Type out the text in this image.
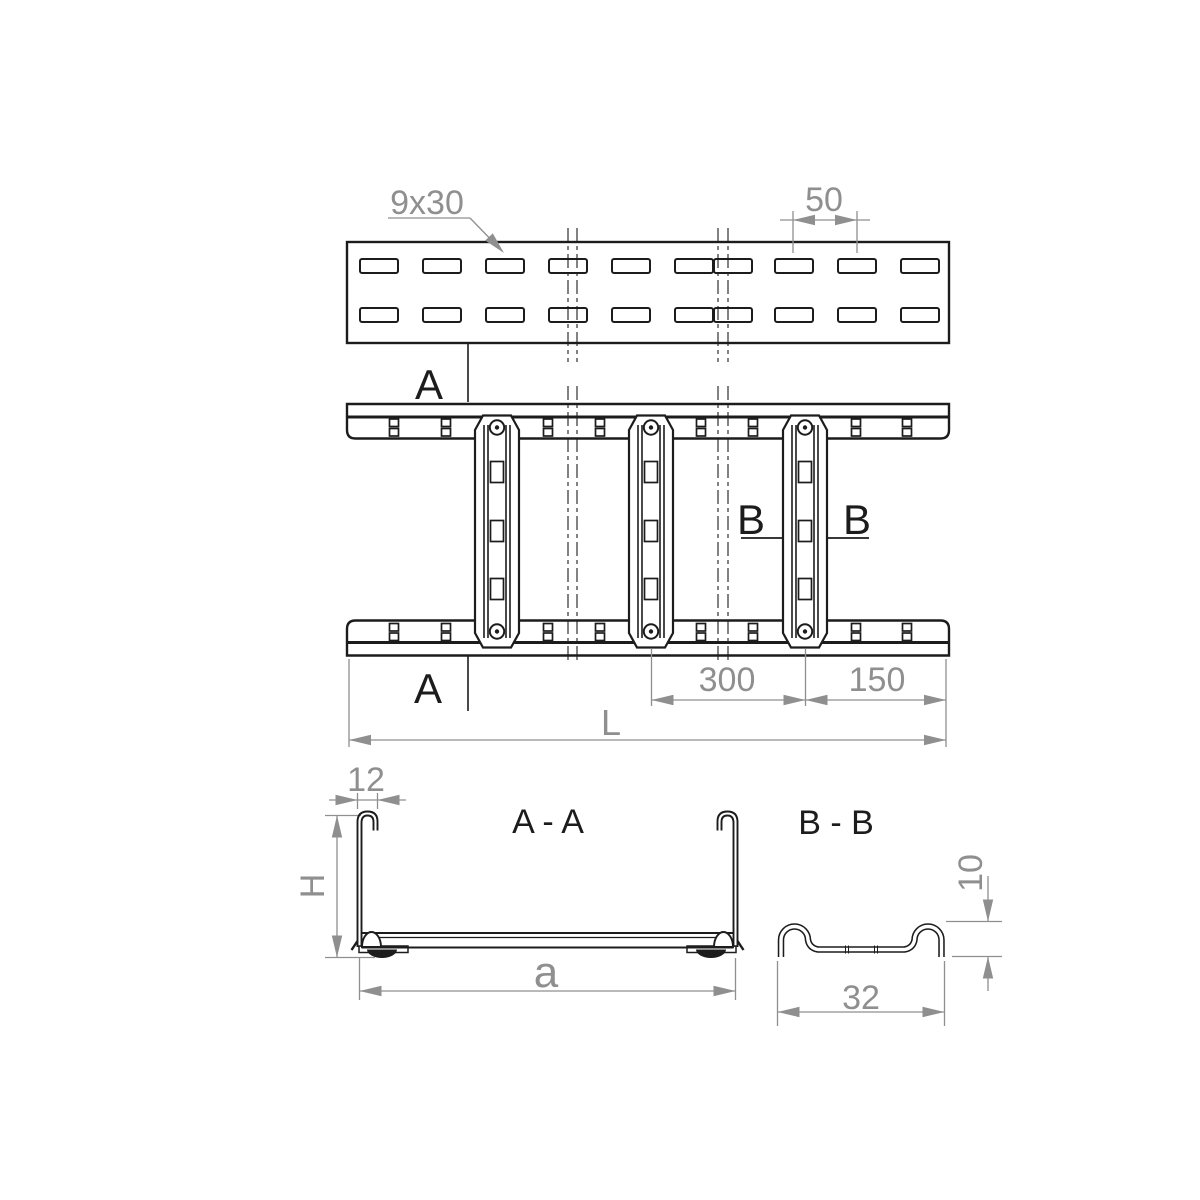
A
A
B B
9x30	50
300	150
L
12
H
a
10
32
A - A	B - B
